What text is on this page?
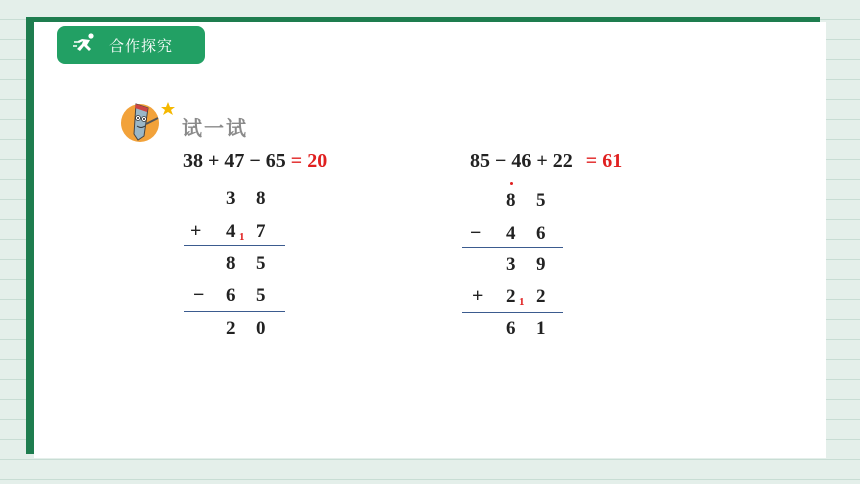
合作探究
试一试
38 + 47 − 65 = 20
3 8
+ 4 1 7
8 5
− 6 5
2 0
85 − 46 + 22 = 61
8 5
− 4 6
3 9
+ 2 1 2
6 1
